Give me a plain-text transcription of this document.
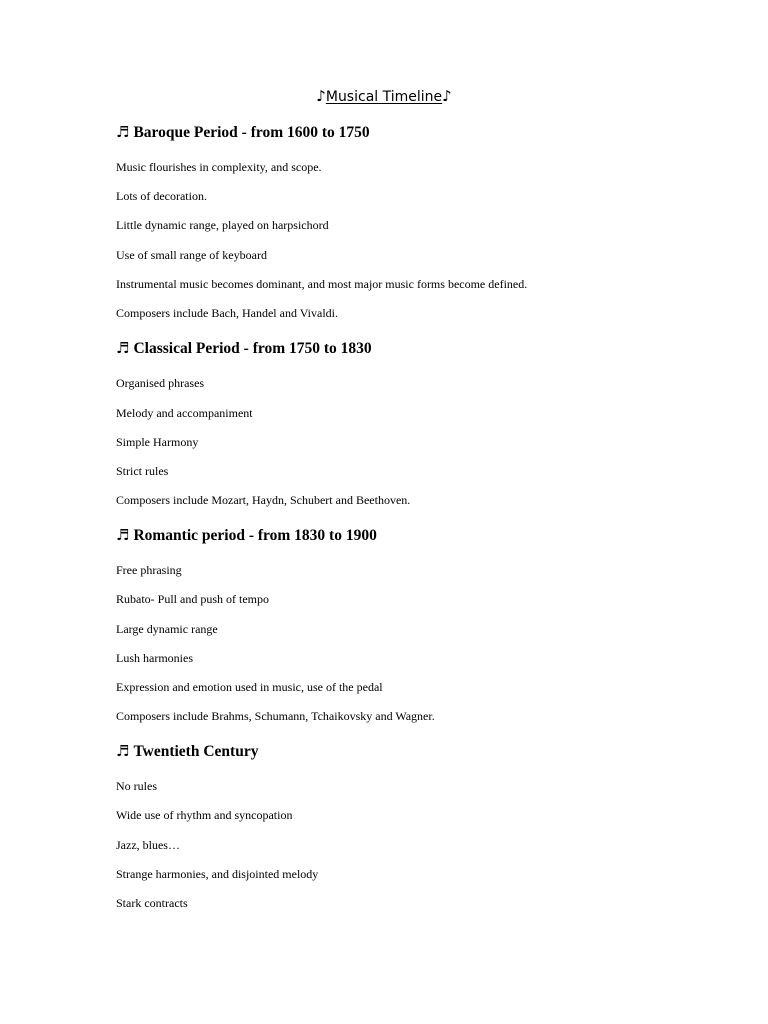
♪Musical Timeline♪
♬ Baroque Period - from 1600 to 1750
Music flourishes in complexity, and scope.
Lots of decoration.
Little dynamic range, played on harpsichord
Use of small range of keyboard
Instrumental music becomes dominant, and most major music forms become defined.
Composers include Bach, Handel and Vivaldi.
♬ Classical Period - from 1750 to 1830
Organised phrases
Melody and accompaniment
Simple Harmony
Strict rules
Composers include Mozart, Haydn, Schubert and Beethoven.
♬ Romantic period - from 1830 to 1900
Free phrasing
Rubato- Pull and push of tempo
Large dynamic range
Lush harmonies
Expression and emotion used in music, use of the pedal
Composers include Brahms, Schumann, Tchaikovsky and Wagner.
♬ Twentieth Century
No rules
Wide use of rhythm and syncopation
Jazz, blues…
Strange harmonies, and disjointed melody
Stark contracts
